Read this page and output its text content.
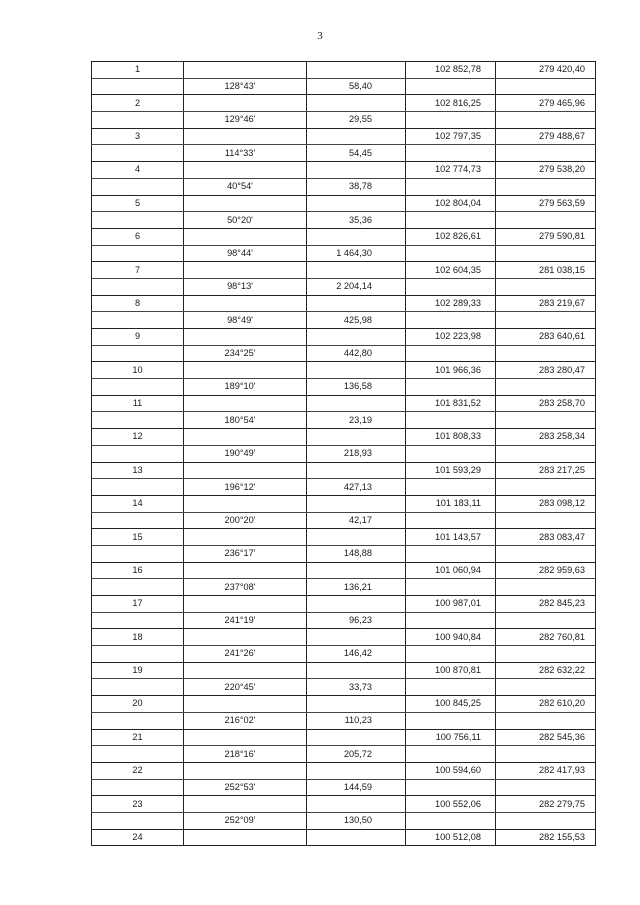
3
1			102 852,78	279 420,40
	128°43'	58,40		
2			102 816,25	279 465,96
	129°46'	29,55		
3			102 797,35	279 488,67
	114°33'	54,45		
4			102 774,73	279 538,20
	40°54'	38,78		
5			102 804,04	279 563,59
	50°20'	35,36		
6			102 826,61	279 590,81
	98°44'	1 464,30		
7			102 604,35	281 038,15
	98°13'	2 204,14		
8			102 289,33	283 219,67
	98°49'	425,98		
9			102 223,98	283 640,61
	234°25'	442,80		
10			101 966,36	283 280,47
	189°10'	136,58		
11			101 831,52	283 258,70
	180°54'	23,19		
12			101 808,33	283 258,34
	190°49'	218,93		
13			101 593,29	283 217,25
	196°12'	427,13		
14			101 183,11	283 098,12
	200°20'	42,17		
15			101 143,57	283 083,47
	236°17'	148,88		
16			101 060,94	282 959,63
	237°08'	136,21		
17			100 987,01	282 845,23
	241°19'	96,23		
18			100 940,84	282 760,81
	241°26'	146,42		
19			100 870,81	282 632,22
	220°45'	33,73		
20			100 845,25	282 610,20
	216°02'	110,23		
21			100 756,11	282 545,36
	218°16'	205,72		
22			100 594,60	282 417,93
	252°53'	144,59		
23			100 552,06	282 279,75
	252°09'	130,50		
24			100 512,08	282 155,53
